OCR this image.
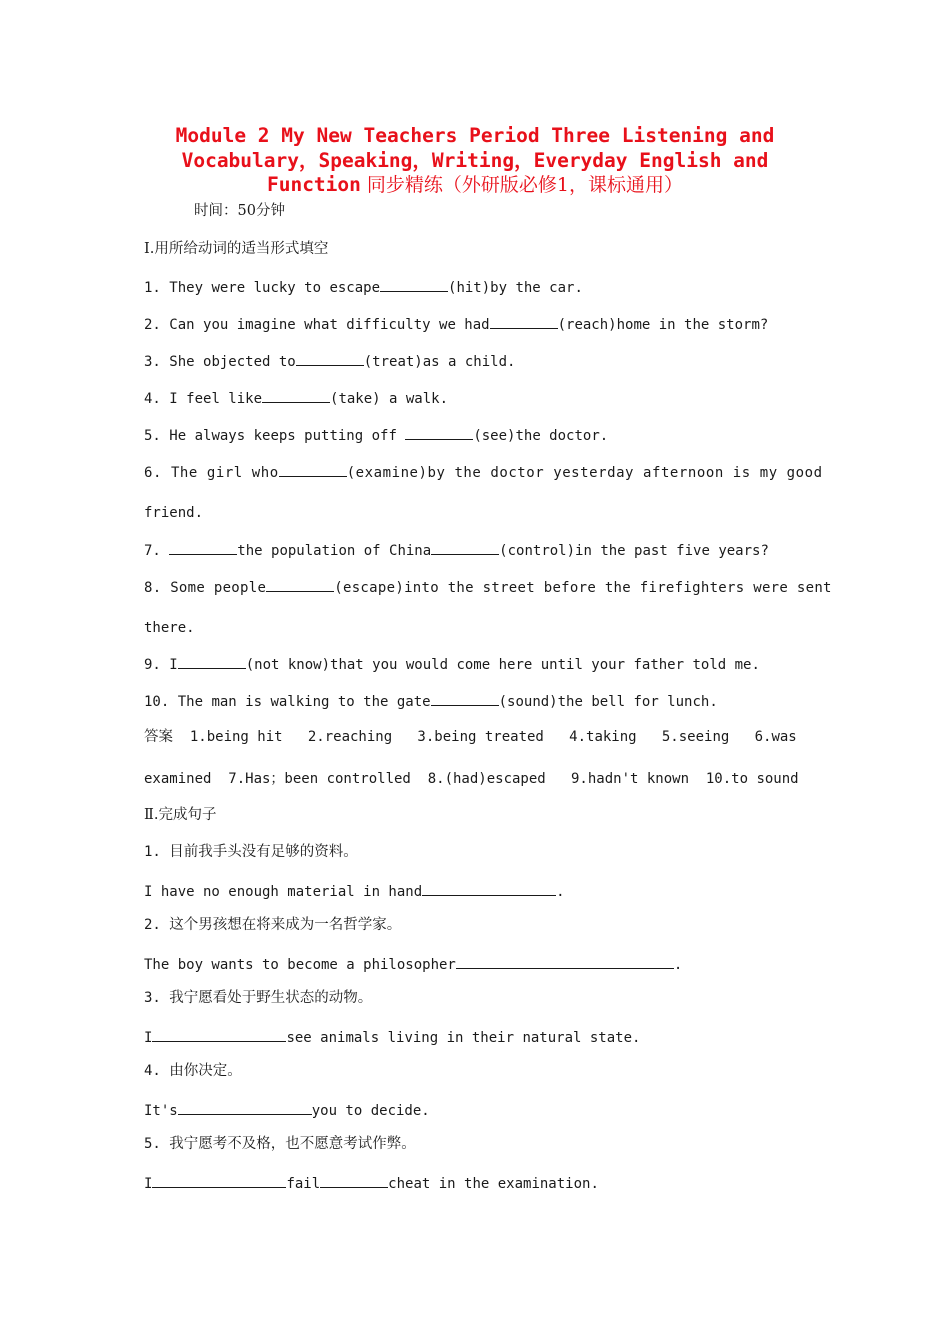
Module 2 My New Teachers Period Three Listening and
Vocabulary，Speaking，Writing，Everyday English and
Function 同步精练（外研版必修1，课标通用）
时间：50分钟
Ⅰ.用所给动词的适当形式填空
1. They were lucky to escape	(hit)by the car.
2. Can you imagine what difficulty we had	(reach)home in the storm?
3. She objected to	(treat)as a child.
4. I feel like	(take) a walk.
5. He always keeps putting off	(see)the doctor.
6. The girl who	(examine)by the doctor yesterday afternoon is my good
friend.
7.	the population of China	(control)in the past five years?
8. Some people	(escape)into the street before the firefighters were sent
there.
9. I	(not know)that you would come here until your father told me.
10. The man is walking to the gate	(sound)the bell for lunch.
答案 1.being hit   2.reaching   3.being treated   4.taking   5.seeing   6.was
examined  7.Has；been controlled  8.(had)escaped   9.hadn't known  10.to sound
Ⅱ.完成句子
1. 目前我手头没有足够的资料。
I have no enough material in hand	.
2. 这个男孩想在将来成为一名哲学家。
The boy wants to become a philosopher	.
3. 我宁愿看处于野生状态的动物。
I	see animals living in their natural state.
4. 由你决定。
It's	you to decide.
5. 我宁愿考不及格，也不愿意考试作弊。
I	fail	cheat in the examination.
